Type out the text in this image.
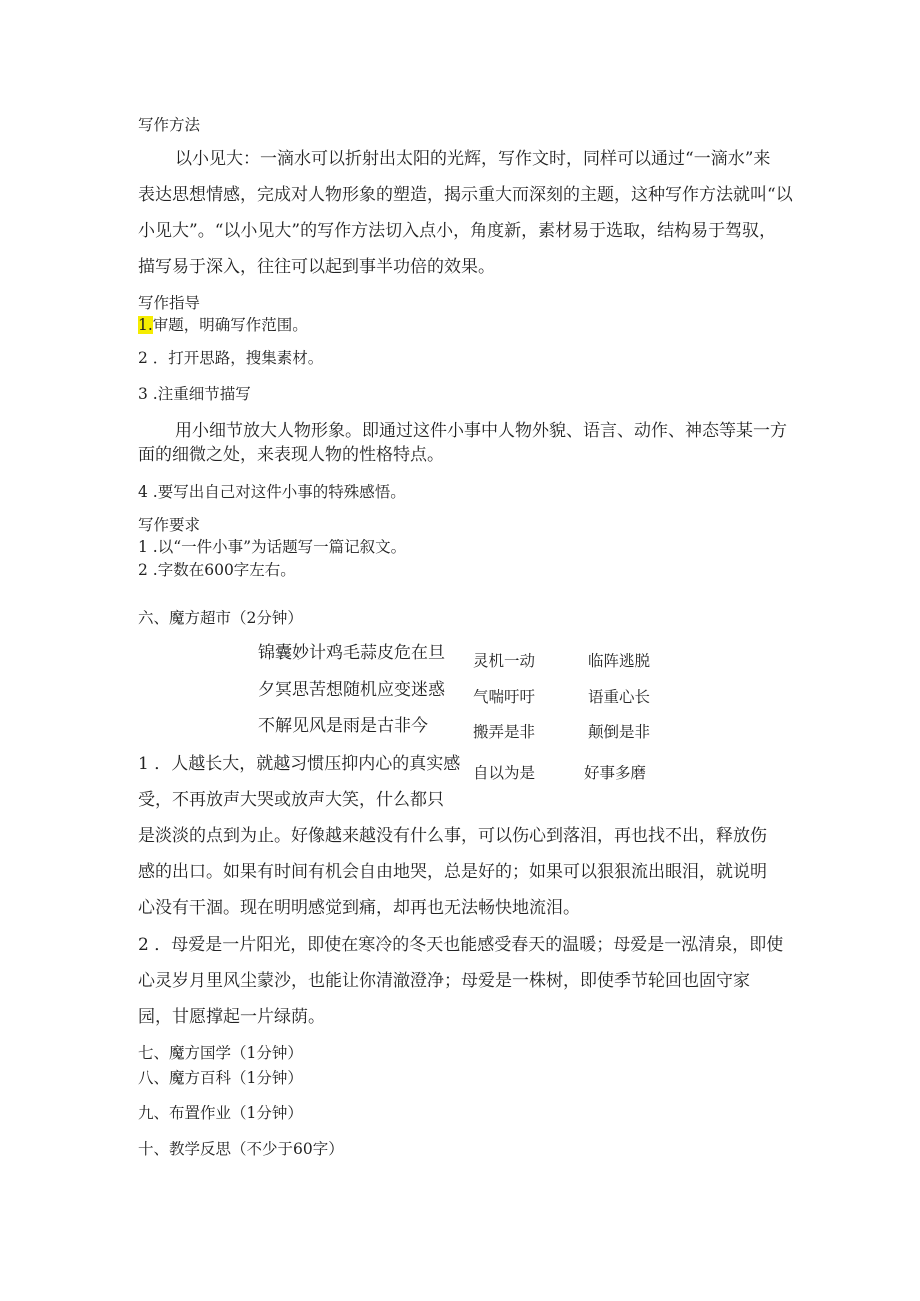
写作方法
以小见大：一滴水可以折射出太阳的光辉，写作文时，同样可以通过“一滴水”来
表达思想情感，完成对人物形象的塑造，揭示重大而深刻的主题，这种写作方法就叫“以
小见大”。“以小见大”的写作方法切入点小，角度新，素材易于选取，结构易于驾驭，
描写易于深入，往往可以起到事半功倍的效果。
写作指导
1.审题，明确写作范围。
2 ．打开思路，搜集素材。
3 .注重细节描写
用小细节放大人物形象。即通过这件小事中人物外貌、语言、动作、神态等某一方
面的细微之处，来表现人物的性格特点。
4 .要写出自己对这件小事的特殊感悟。
写作要求
1 .以“一件小事”为话题写一篇记叙文。
2 .字数在600字左右。
六、魔方超市（2分钟）
锦囊妙计鸡毛蒜皮危在旦
夕冥思苦想随机应变迷惑
不解见风是雨是古非今
灵机一动
气喘吁吁
搬弄是非
自以为是
临阵逃脱
语重心长
颠倒是非
好事多磨
1 ．人越长大，就越习惯压抑内心的真实感
受，不再放声大哭或放声大笑，什么都只
是淡淡的点到为止。好像越来越没有什么事，可以伤心到落泪，再也找不出，释放伤
感的出口。如果有时间有机会自由地哭，总是好的；如果可以狠狠流出眼泪，就说明
心没有干涸。现在明明感觉到痛，却再也无法畅快地流泪。
2 ．母爱是一片阳光，即使在寒冷的冬天也能感受春天的温暖；母爱是一泓清泉，即使
心灵岁月里风尘蒙沙，也能让你清澈澄净；母爱是一株树，即使季节轮回也固守家
园，甘愿撑起一片绿荫。
七、魔方国学（1分钟）
八、魔方百科（1分钟）
九、布置作业（1分钟）
十、教学反思（不少于60字）
